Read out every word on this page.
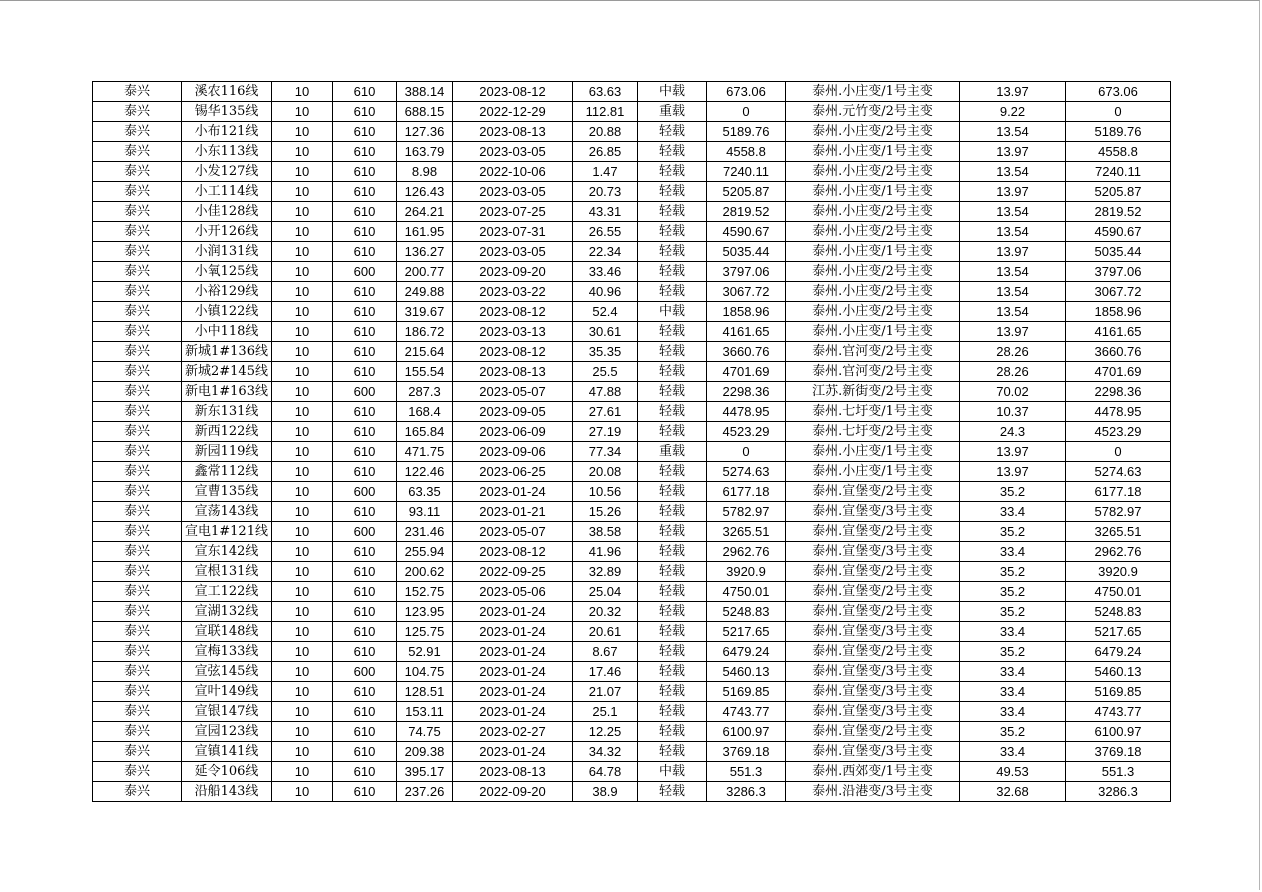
泰兴	溪农116线	10	610	388.14	2023-08-12	63.63	中载	673.06	泰州.小庄变/1号主变	13.97	673.06
泰兴	锡华135线	10	610	688.15	2022-12-29	112.81	重载	0	泰州.元竹变/2号主变	9.22	0
泰兴	小布121线	10	610	127.36	2023-08-13	20.88	轻载	5189.76	泰州.小庄变/2号主变	13.54	5189.76
泰兴	小东113线	10	610	163.79	2023-03-05	26.85	轻载	4558.8	泰州.小庄变/1号主变	13.97	4558.8
泰兴	小发127线	10	610	8.98	2022-10-06	1.47	轻载	7240.11	泰州.小庄变/2号主变	13.54	7240.11
泰兴	小工114线	10	610	126.43	2023-03-05	20.73	轻载	5205.87	泰州.小庄变/1号主变	13.97	5205.87
泰兴	小佳128线	10	610	264.21	2023-07-25	43.31	轻载	2819.52	泰州.小庄变/2号主变	13.54	2819.52
泰兴	小开126线	10	610	161.95	2023-07-31	26.55	轻载	4590.67	泰州.小庄变/2号主变	13.54	4590.67
泰兴	小润131线	10	610	136.27	2023-03-05	22.34	轻载	5035.44	泰州.小庄变/1号主变	13.97	5035.44
泰兴	小氧125线	10	600	200.77	2023-09-20	33.46	轻载	3797.06	泰州.小庄变/2号主变	13.54	3797.06
泰兴	小裕129线	10	610	249.88	2023-03-22	40.96	轻载	3067.72	泰州.小庄变/2号主变	13.54	3067.72
泰兴	小镇122线	10	610	319.67	2023-08-12	52.4	中载	1858.96	泰州.小庄变/2号主变	13.54	1858.96
泰兴	小中118线	10	610	186.72	2023-03-13	30.61	轻载	4161.65	泰州.小庄变/1号主变	13.97	4161.65
泰兴	新城1#136线	10	610	215.64	2023-08-12	35.35	轻载	3660.76	泰州.官河变/2号主变	28.26	3660.76
泰兴	新城2#145线	10	610	155.54	2023-08-13	25.5	轻载	4701.69	泰州.官河变/2号主变	28.26	4701.69
泰兴	新电1#163线	10	600	287.3	2023-05-07	47.88	轻载	2298.36	江苏.新街变/2号主变	70.02	2298.36
泰兴	新东131线	10	610	168.4	2023-09-05	27.61	轻载	4478.95	泰州.七圩变/1号主变	10.37	4478.95
泰兴	新西122线	10	610	165.84	2023-06-09	27.19	轻载	4523.29	泰州.七圩变/2号主变	24.3	4523.29
泰兴	新园119线	10	610	471.75	2023-09-06	77.34	重载	0	泰州.小庄变/1号主变	13.97	0
泰兴	鑫常112线	10	610	122.46	2023-06-25	20.08	轻载	5274.63	泰州.小庄变/1号主变	13.97	5274.63
泰兴	宣曹135线	10	600	63.35	2023-01-24	10.56	轻载	6177.18	泰州.宣堡变/2号主变	35.2	6177.18
泰兴	宣荡143线	10	610	93.11	2023-01-21	15.26	轻载	5782.97	泰州.宣堡变/3号主变	33.4	5782.97
泰兴	宣电1#121线	10	600	231.46	2023-05-07	38.58	轻载	3265.51	泰州.宣堡变/2号主变	35.2	3265.51
泰兴	宣东142线	10	610	255.94	2023-08-12	41.96	轻载	2962.76	泰州.宣堡变/3号主变	33.4	2962.76
泰兴	宣根131线	10	610	200.62	2022-09-25	32.89	轻载	3920.9	泰州.宣堡变/2号主变	35.2	3920.9
泰兴	宣工122线	10	610	152.75	2023-05-06	25.04	轻载	4750.01	泰州.宣堡变/2号主变	35.2	4750.01
泰兴	宣湖132线	10	610	123.95	2023-01-24	20.32	轻载	5248.83	泰州.宣堡变/2号主变	35.2	5248.83
泰兴	宣联148线	10	610	125.75	2023-01-24	20.61	轻载	5217.65	泰州.宣堡变/3号主变	33.4	5217.65
泰兴	宣梅133线	10	610	52.91	2023-01-24	8.67	轻载	6479.24	泰州.宣堡变/2号主变	35.2	6479.24
泰兴	宣弦145线	10	600	104.75	2023-01-24	17.46	轻载	5460.13	泰州.宣堡变/3号主变	33.4	5460.13
泰兴	宣叶149线	10	610	128.51	2023-01-24	21.07	轻载	5169.85	泰州.宣堡变/3号主变	33.4	5169.85
泰兴	宣银147线	10	610	153.11	2023-01-24	25.1	轻载	4743.77	泰州.宣堡变/3号主变	33.4	4743.77
泰兴	宣园123线	10	610	74.75	2023-02-27	12.25	轻载	6100.97	泰州.宣堡变/2号主变	35.2	6100.97
泰兴	宣镇141线	10	610	209.38	2023-01-24	34.32	轻载	3769.18	泰州.宣堡变/3号主变	33.4	3769.18
泰兴	延令106线	10	610	395.17	2023-08-13	64.78	中载	551.3	泰州.西郊变/1号主变	49.53	551.3
泰兴	沿船143线	10	610	237.26	2022-09-20	38.9	轻载	3286.3	泰州.沿港变/3号主变	32.68	3286.3
